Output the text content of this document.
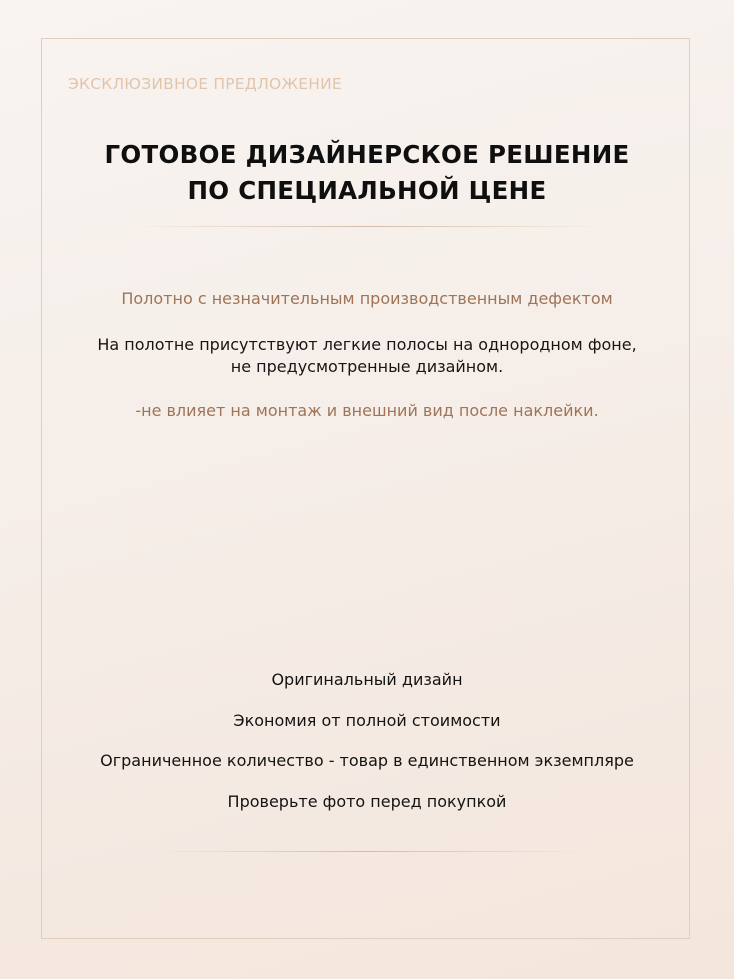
ЭКСКЛЮЗИВНОЕ ПРЕДЛОЖЕНИЕ
ГОТОВОЕ ДИЗАЙНЕРСКОЕ РЕШЕНИЕ
ПО СПЕЦИАЛЬНОЙ ЦЕНЕ
Полотно с незначительным производственным дефектом
На полотне присутствуют легкие полосы на однородном фоне,
не предусмотренные дизайном.
-не влияет на монтаж и внешний вид после наклейки.
Оригинальный дизайн
Экономия от полной стоимости
Ограниченное количество - товар в единственном экземпляре
Проверьте фото перед покупкой
